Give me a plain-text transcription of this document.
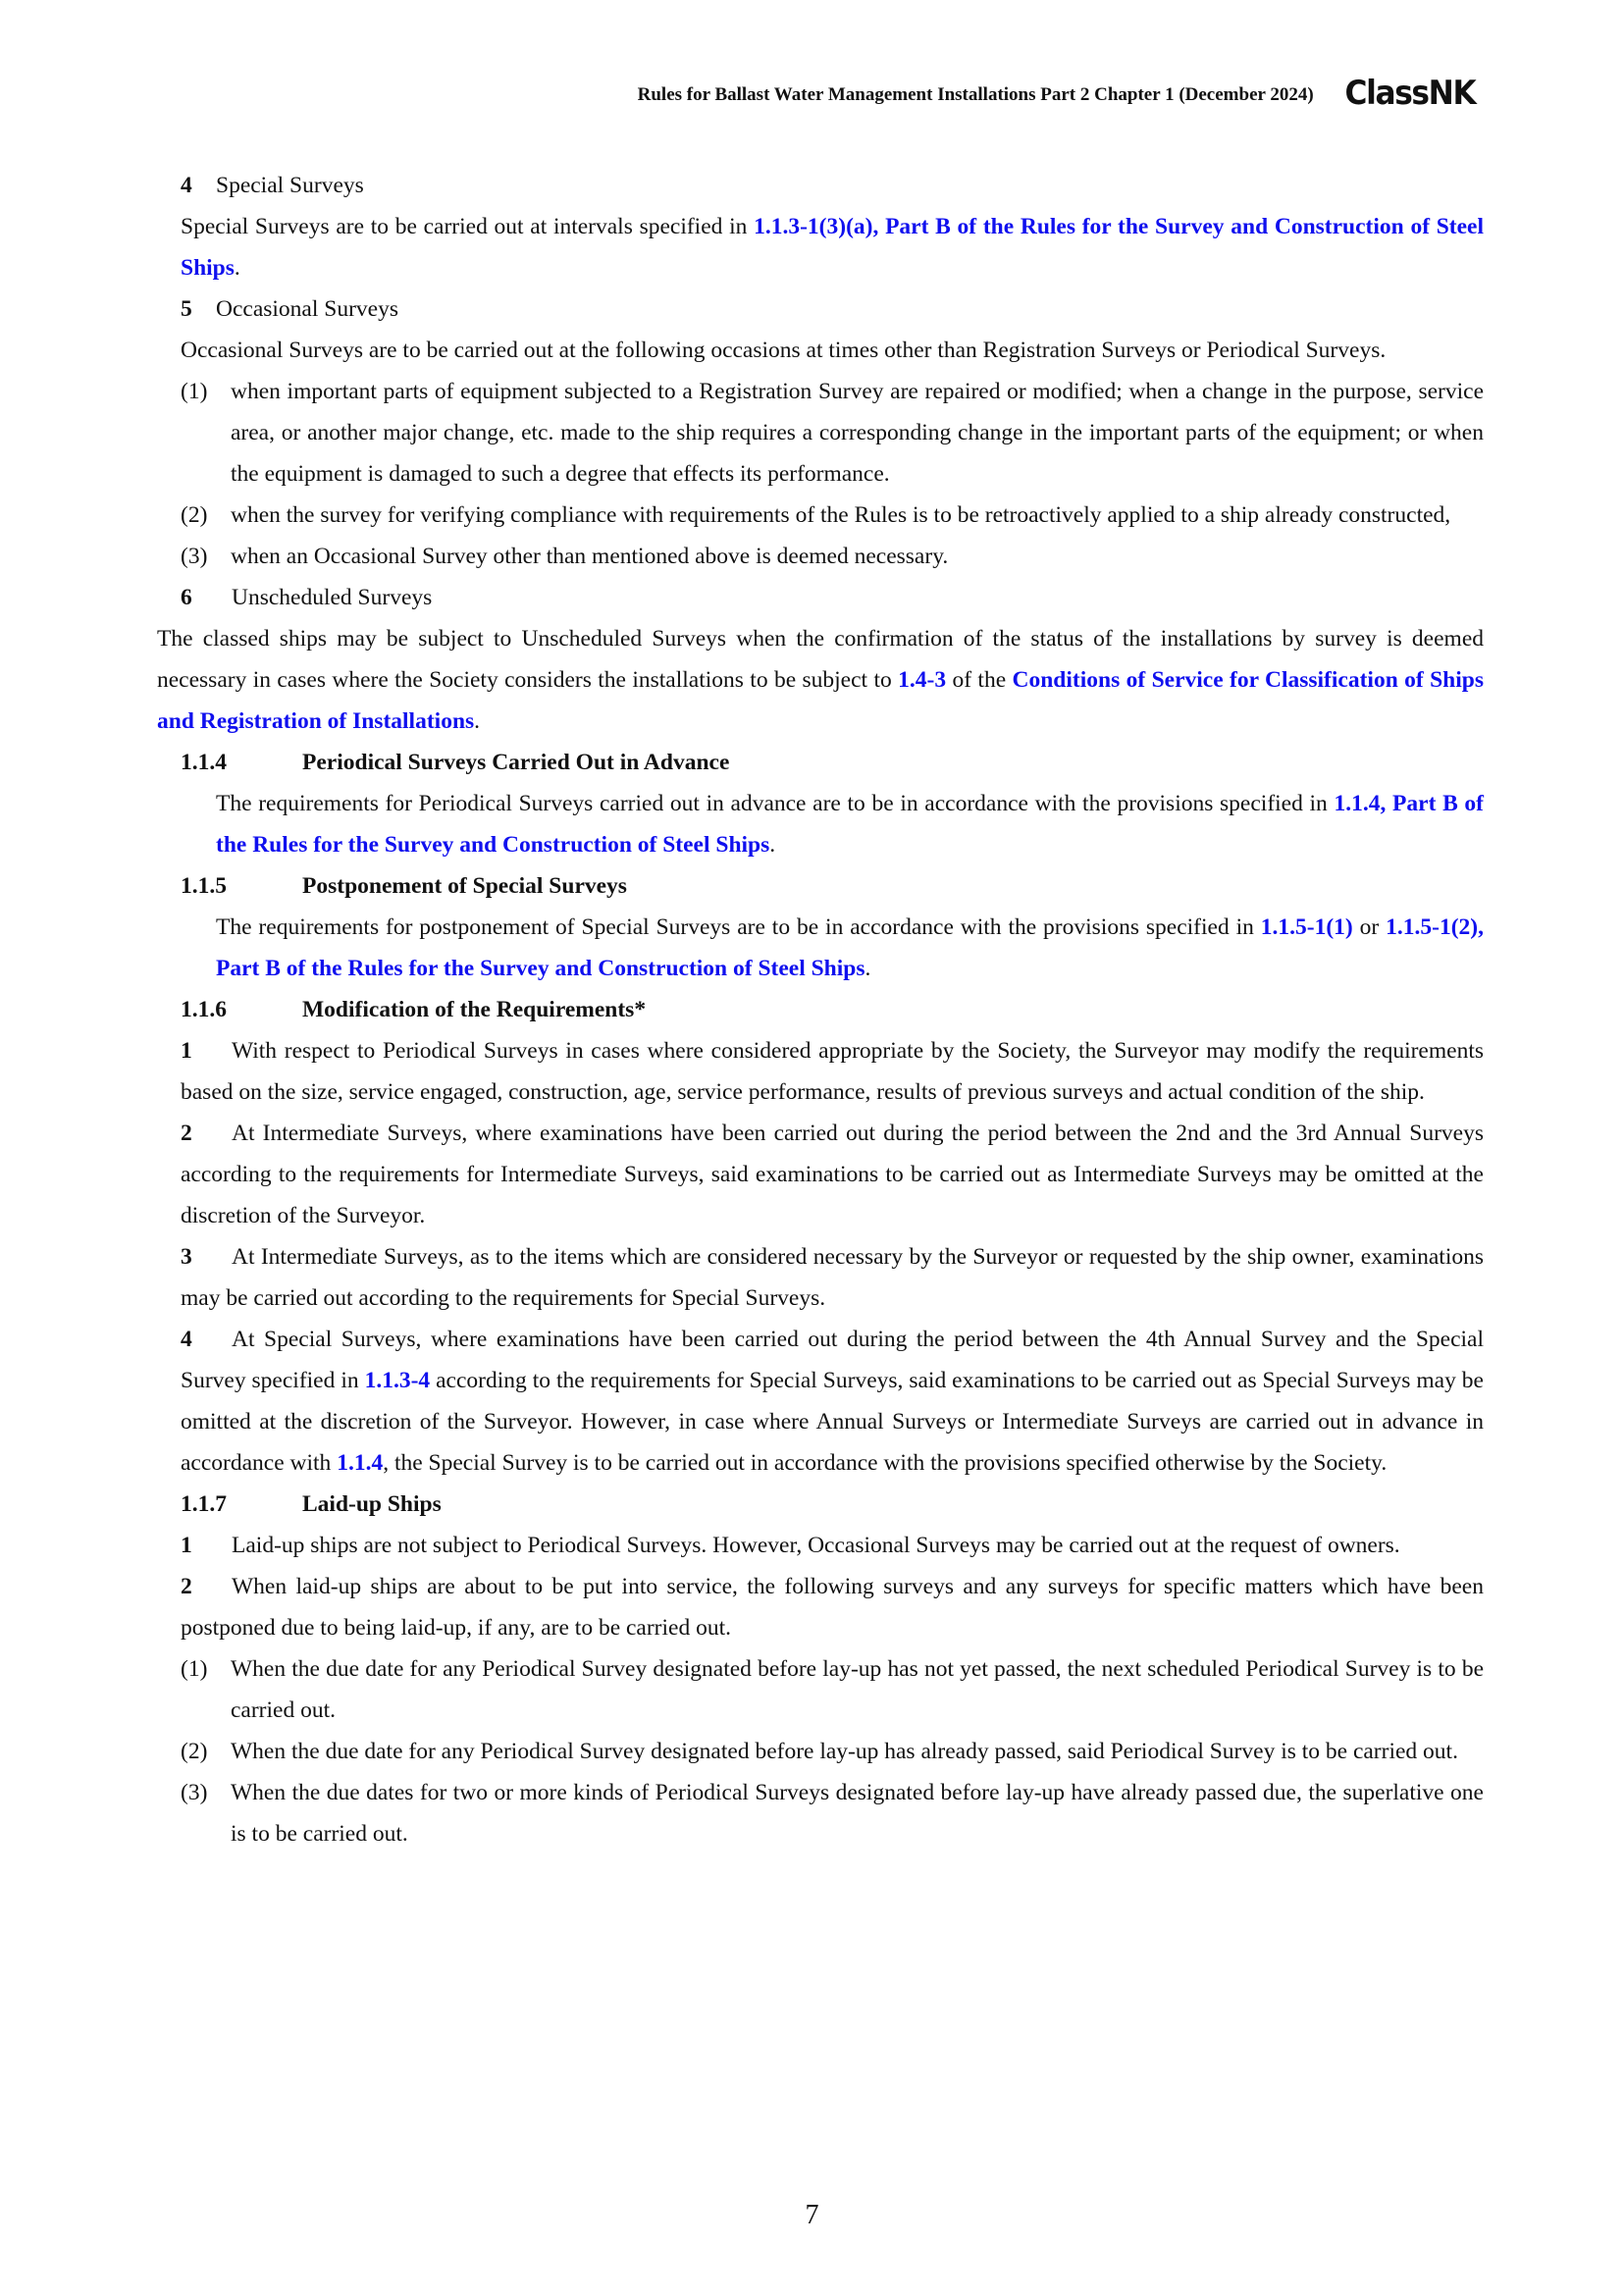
Rules for Ballast Water Management Installations Part 2 Chapter 1 (December 2024) ClassNK

4 Special Surveys

Special Surveys are to be carried out at intervals specified in 1.1.3-1(3)(a), Part B of the Rules for the Survey and Construction of Steel Ships.

5 Occasional Surveys

Occasional Surveys are to be carried out at the following occasions at times other than Registration Surveys or Periodical Surveys.

(1)	when important parts of equipment subjected to a Registration Survey are repaired or modified; when a change in the purpose, service area, or another major change, etc. made to the ship requires a corresponding change in the important parts of the equipment; or when the equipment is damaged to such a degree that effects its performance.
(2)	when the survey for verifying compliance with requirements of the Rules is to be retroactively applied to a ship already constructed,
(3)	when an Occasional Survey other than mentioned above is deemed necessary.

6 Unscheduled Surveys

The classed ships may be subject to Unscheduled Surveys when the confirmation of the status of the installations by survey is deemed necessary in cases where the Society considers the installations to be subject to 1.4-3 of the Conditions of Service for Classification of Ships and Registration of Installations.

1.1.4	Periodical Surveys Carried Out in Advance

The requirements for Periodical Surveys carried out in advance are to be in accordance with the provisions specified in 1.1.4, Part B of the Rules for the Survey and Construction of Steel Ships.

1.1.5	Postponement of Special Surveys

The requirements for postponement of Special Surveys are to be in accordance with the provisions specified in 1.1.5-1(1) or 1.1.5-1(2), Part B of the Rules for the Survey and Construction of Steel Ships.

1.1.6	Modification of the Requirements*

1 With respect to Periodical Surveys in cases where considered appropriate by the Society, the Surveyor may modify the requirements based on the size, service engaged, construction, age, service performance, results of previous surveys and actual condition of the ship.

2 At Intermediate Surveys, where examinations have been carried out during the period between the 2nd and the 3rd Annual Surveys according to the requirements for Intermediate Surveys, said examinations to be carried out as Intermediate Surveys may be omitted at the discretion of the Surveyor.

3 At Intermediate Surveys, as to the items which are considered necessary by the Surveyor or requested by the ship owner, examinations may be carried out according to the requirements for Special Surveys.

4 At Special Surveys, where examinations have been carried out during the period between the 4th Annual Survey and the Special Survey specified in 1.1.3-4 according to the requirements for Special Surveys, said examinations to be carried out as Special Surveys may be omitted at the discretion of the Surveyor. However, in case where Annual Surveys or Intermediate Surveys are carried out in advance in accordance with 1.1.4, the Special Survey is to be carried out in accordance with the provisions specified otherwise by the Society.

1.1.7	Laid-up Ships

1 Laid-up ships are not subject to Periodical Surveys. However, Occasional Surveys may be carried out at the request of owners.

2 When laid-up ships are about to be put into service, the following surveys and any surveys for specific matters which have been postponed due to being laid-up, if any, are to be carried out.

(1)	When the due date for any Periodical Survey designated before lay-up has not yet passed, the next scheduled Periodical Survey is to be carried out.
(2)	When the due date for any Periodical Survey designated before lay-up has already passed, said Periodical Survey is to be carried out.
(3)	When the due dates for two or more kinds of Periodical Surveys designated before lay-up have already passed due, the superlative one is to be carried out.
7
